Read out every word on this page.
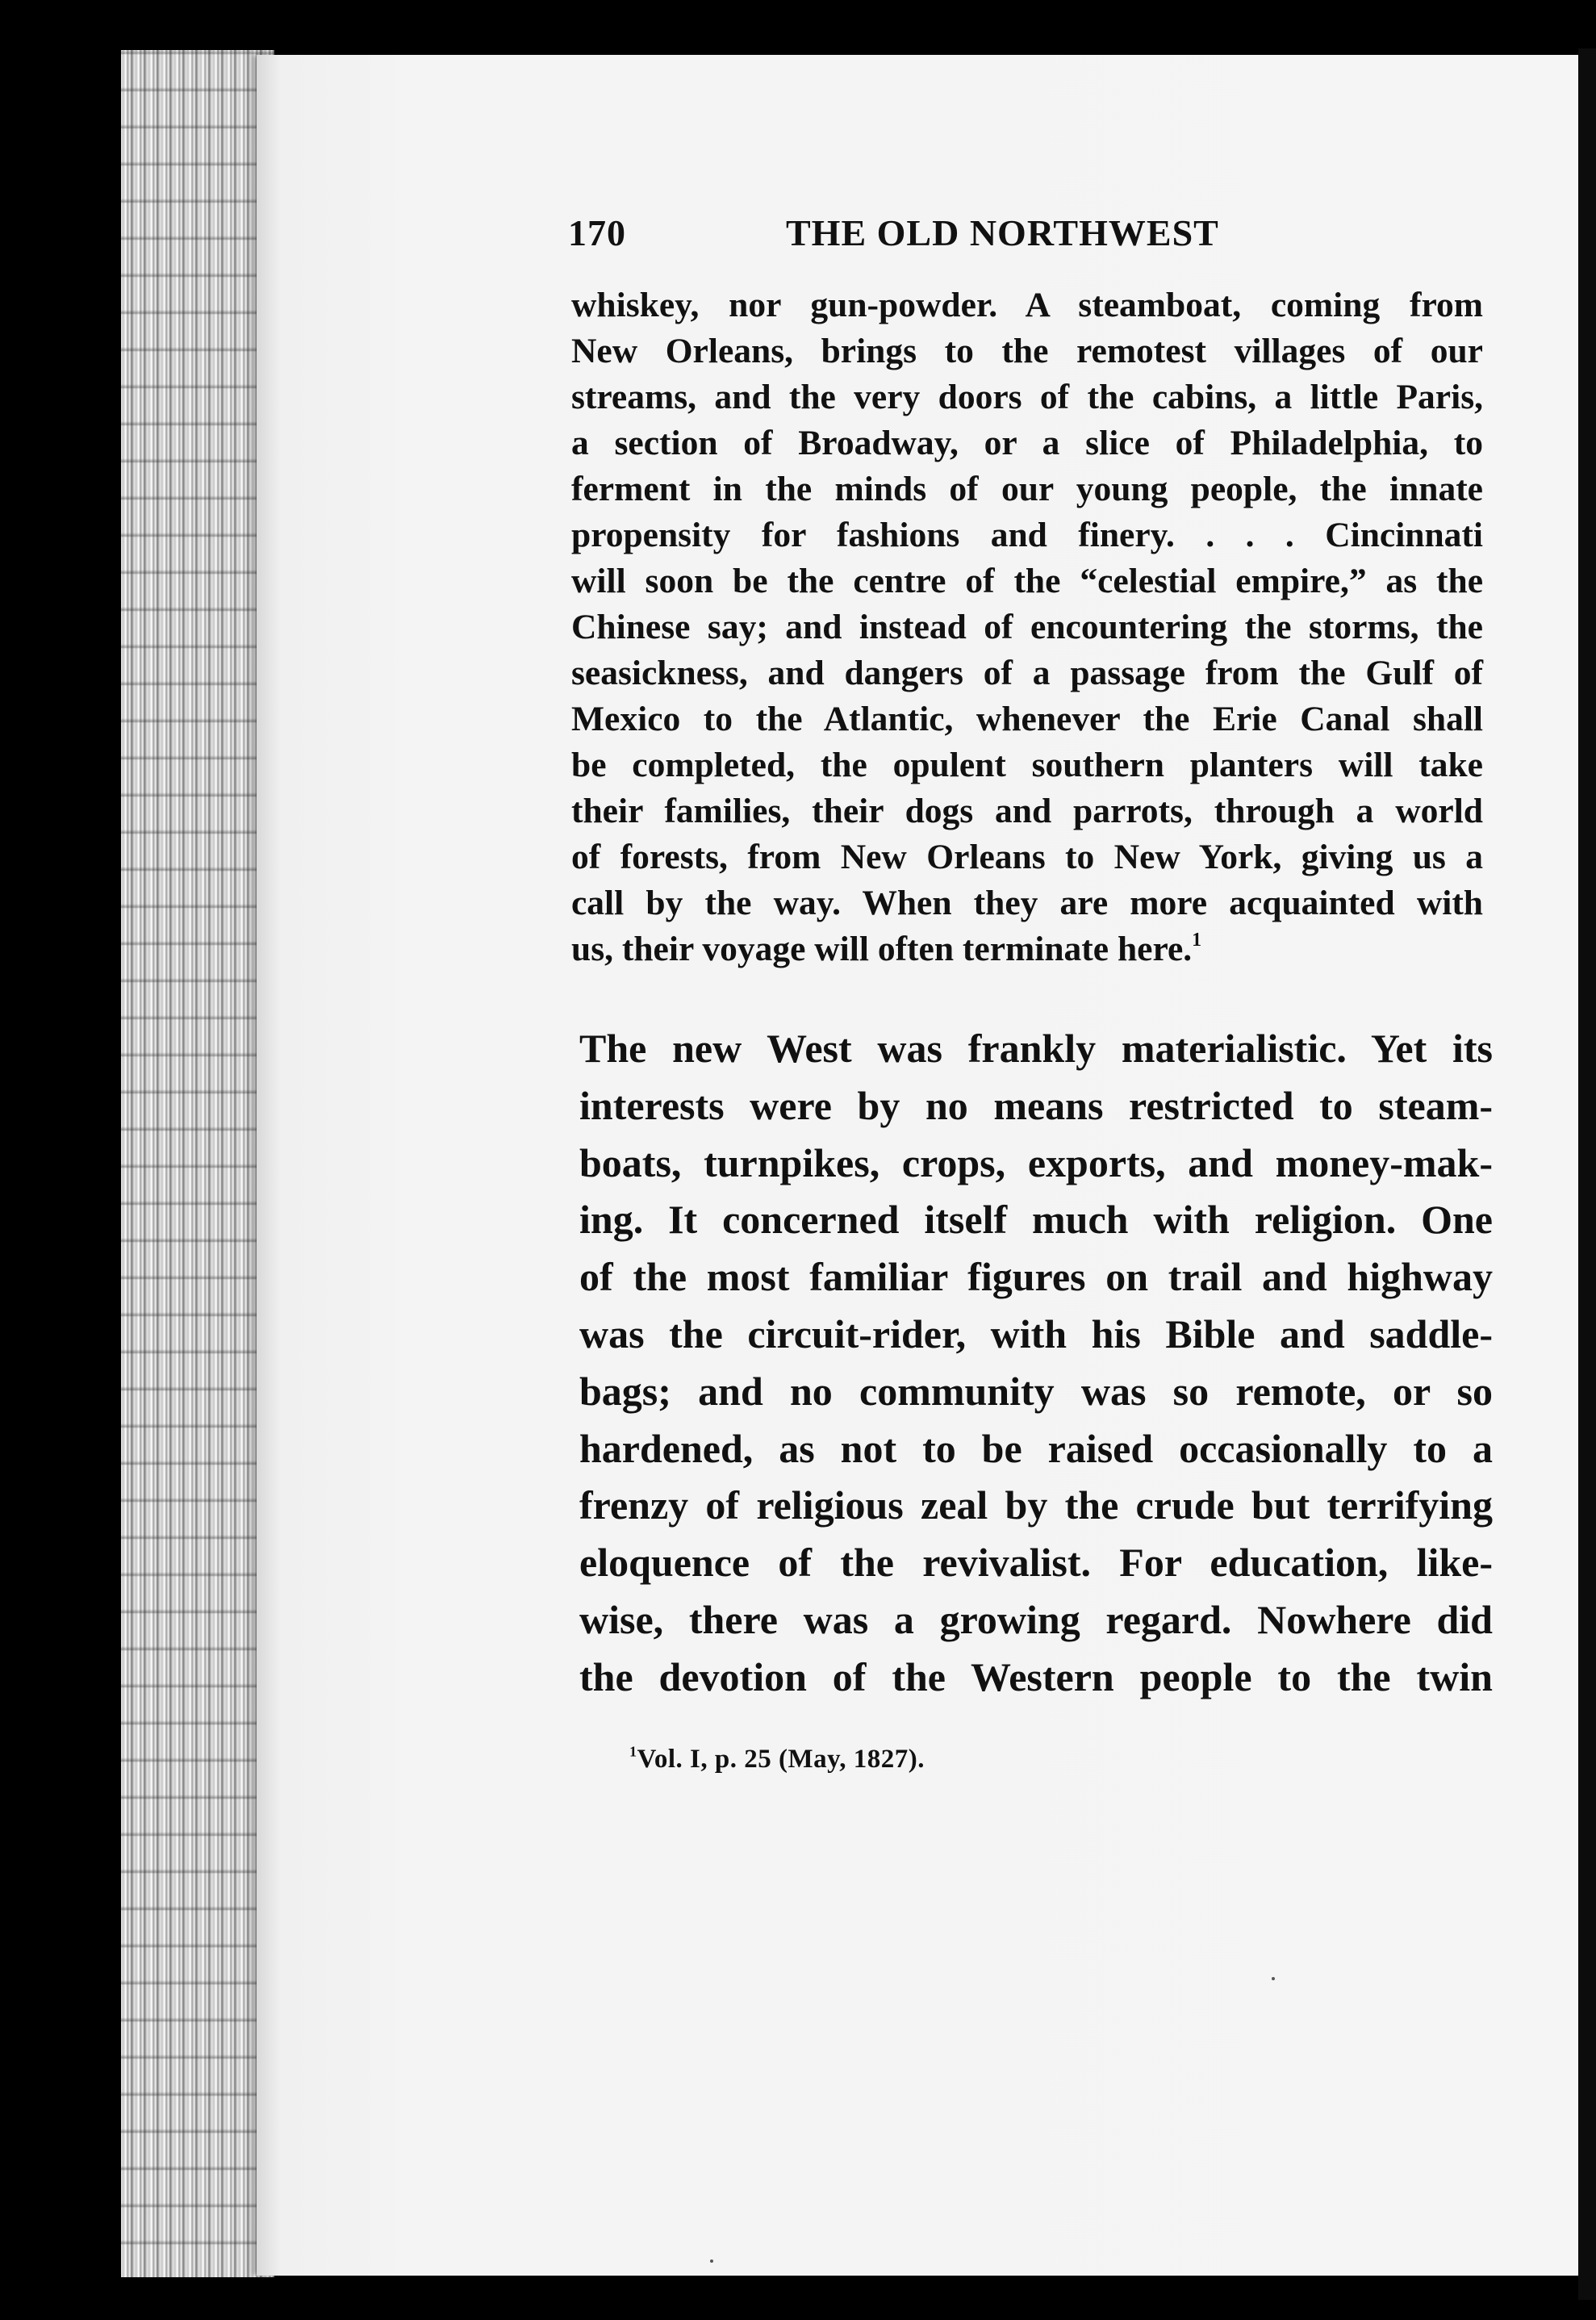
170	THE OLD NORTHWEST
whiskey, nor gun-powder. A steamboat, coming from
New Orleans, brings to the remotest villages of our
streams, and the very doors of the cabins, a little Paris,
a section of Broadway, or a slice of Philadelphia, to
ferment in the minds of our young people, the innate
propensity for fashions and finery. . . . Cincinnati
will soon be the centre of the “celestial empire,” as the
Chinese say; and instead of encountering the storms, the
seasickness, and dangers of a passage from the Gulf of
Mexico to the Atlantic, whenever the Erie Canal shall
be completed, the opulent southern planters will take
their families, their dogs and parrots, through a world
of forests, from New Orleans to New York, giving us a
call by the way. When they are more acquainted with
us, their voyage will often terminate here.$^1$
The new West was frankly materialistic. Yet its
interests were by no means restricted to steam-
boats, turnpikes, crops, exports, and money-mak-
ing. It concerned itself much with religion. One
of the most familiar figures on trail and highway
was the circuit-rider, with his Bible and saddle-
bags; and no community was so remote, or so
hardened, as not to be raised occasionally to a
frenzy of religious zeal by the crude but terrifying
eloquence of the revivalist. For education, like-
wise, there was a growing regard. Nowhere did
the devotion of the Western people to the twin
$^1$Vol. I, p. 25 (May, 1827).
